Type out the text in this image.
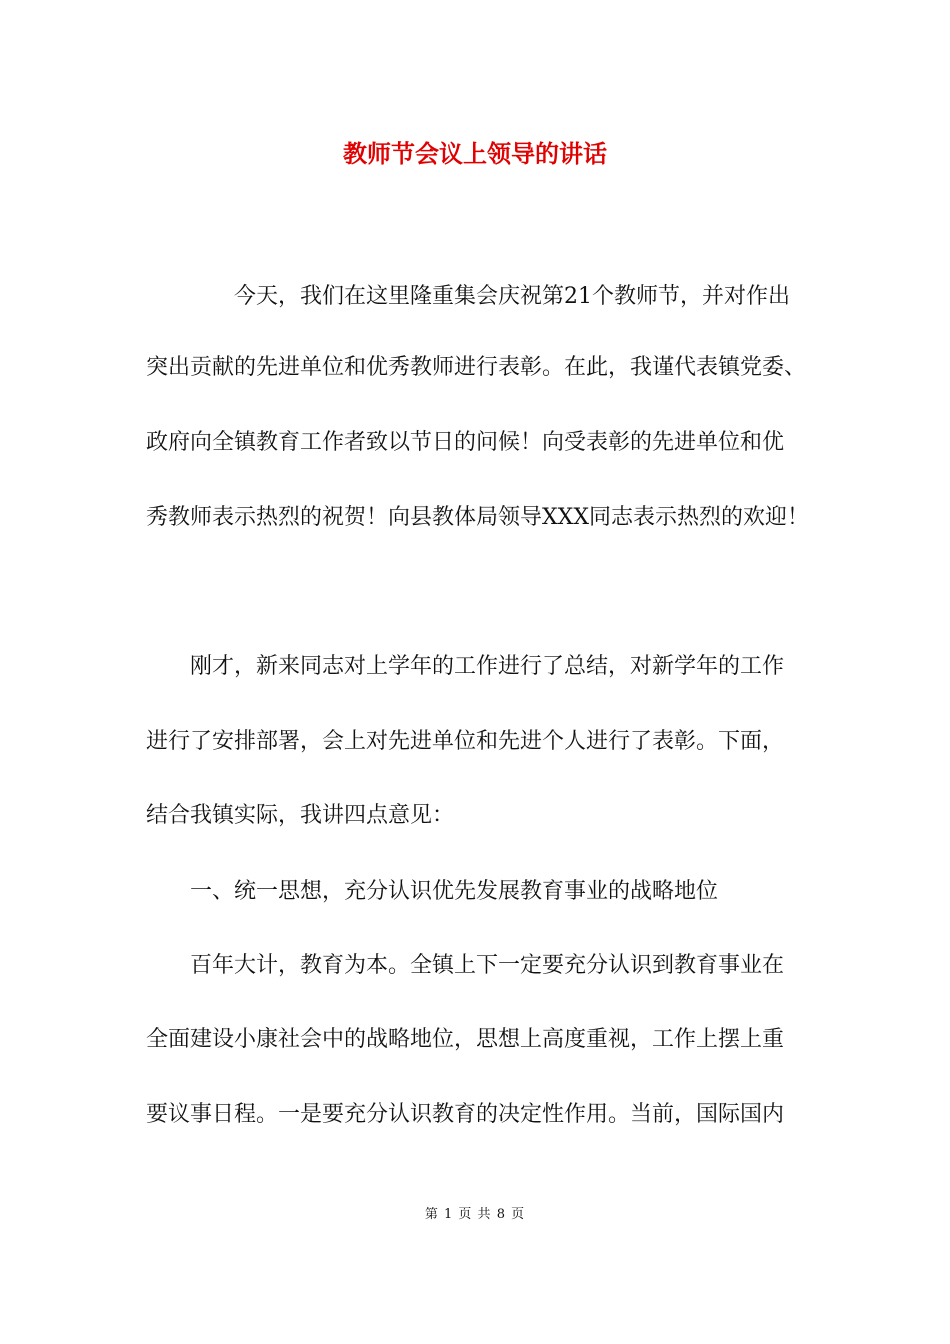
教师节会议上领导的讲话
今天，我们在这里隆重集会庆祝第21个教师节，并对作出
突出贡献的先进单位和优秀教师进行表彰。在此，我谨代表镇党委、
政府向全镇教育工作者致以节日的问候！向受表彰的先进单位和优
秀教师表示热烈的祝贺！向县教体局领导XXX同志表示热烈的欢迎！
刚才，新来同志对上学年的工作进行了总结，对新学年的工作
进行了安排部署，会上对先进单位和先进个人进行了表彰。下面，
结合我镇实际，我讲四点意见：
一、统一思想，充分认识优先发展教育事业的战略地位
百年大计，教育为本。全镇上下一定要充分认识到教育事业在
全面建设小康社会中的战略地位，思想上高度重视，工作上摆上重
要议事日程。一是要充分认识教育的决定性作用。当前，国际国内
第 1 页 共 8 页
